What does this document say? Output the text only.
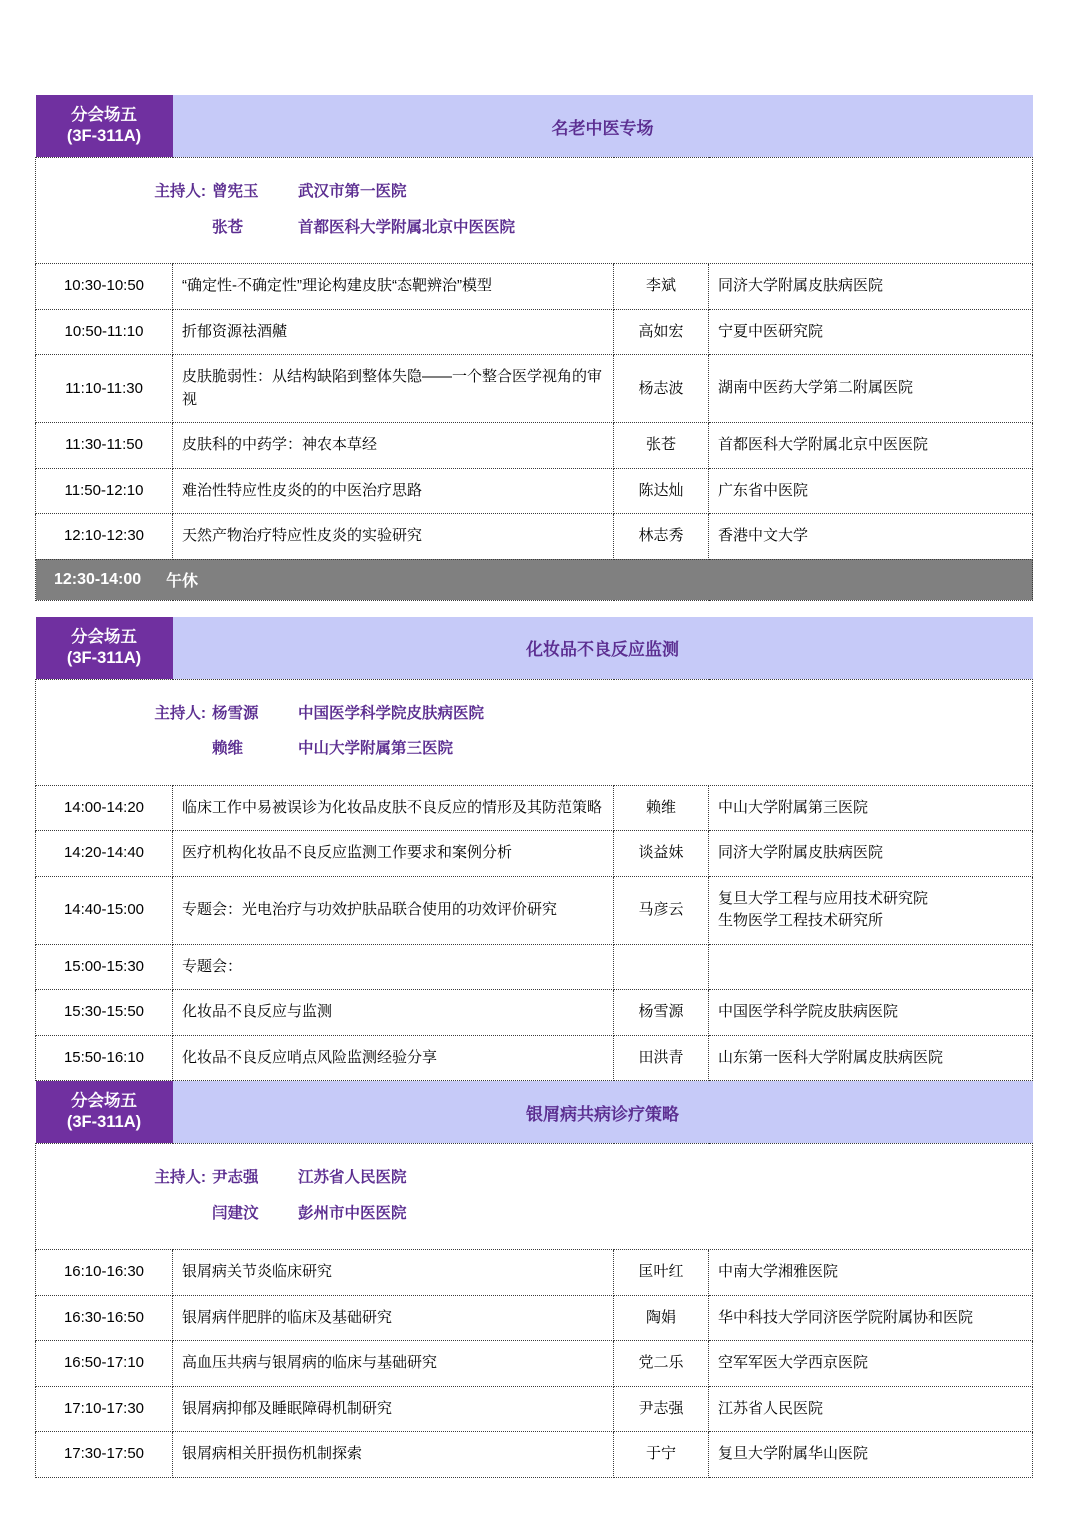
分会场五
(3F-311A) 名老中医专场			

主持人: 曾宪玉 武汉市第一医院
张苍 首都医科大学附属北京中医医院			

10:30-10:50	“确定性-不确定性”理论构建皮肤“态靶辨治”模型	李斌	同济大学附属皮肤病医院

10:50-11:10	折郁资源祛酒齄	高如宏	宁夏中医研究院

11:10-11:30	皮肤脆弱性：从结构缺陷到整体失隐——一个整合医学视角的审视	杨志波	湖南中医药大学第二附属医院

11:30-11:50	皮肤科的中药学：神农本草经	张苍	首都医科大学附属北京中医医院

11:50-12:10	难治性特应性皮炎的的中医治疗思路	陈达灿	广东省中医院

12:10-12:30	天然产物治疗特应性皮炎的实验研究	林志秀	香港中文大学

12:30-14:00 午休			

分会场五
(3F-311A) 化妆品不良反应监测			

主持人: 杨雪源 中国医学科学院皮肤病医院
赖维 中山大学附属第三医院			

14:00-14:20	临床工作中易被误诊为化妆品皮肤不良反应的情形及其防范策略	赖维	中山大学附属第三医院

14:20-14:40	医疗机构化妆品不良反应监测工作要求和案例分析	谈益妹	同济大学附属皮肤病医院

14:40-15:00	专题会：光电治疗与功效护肤品联合使用的功效评价研究	马彦云	复旦大学工程与应用技术研究院
生物医学工程技术研究所

15:00-15:30	专题会：		

15:30-15:50	化妆品不良反应与监测	杨雪源	中国医学科学院皮肤病医院

15:50-16:10	化妆品不良反应哨点风险监测经验分享	田洪青	山东第一医科大学附属皮肤病医院

分会场五
(3F-311A) 银屑病共病诊疗策略			

主持人: 尹志强 江苏省人民医院
闫建汶 彭州市中医医院			

16:10-16:30	银屑病关节炎临床研究	匡叶红	中南大学湘雅医院

16:30-16:50	银屑病伴肥胖的临床及基础研究	陶娟	华中科技大学同济医学院附属协和医院

16:50-17:10	高血压共病与银屑病的临床与基础研究	党二乐	空军军医大学西京医院

17:10-17:30	银屑病抑郁及睡眠障碍机制研究	尹志强	江苏省人民医院

17:30-17:50	银屑病相关肝损伤机制探索	于宁	复旦大学附属华山医院
